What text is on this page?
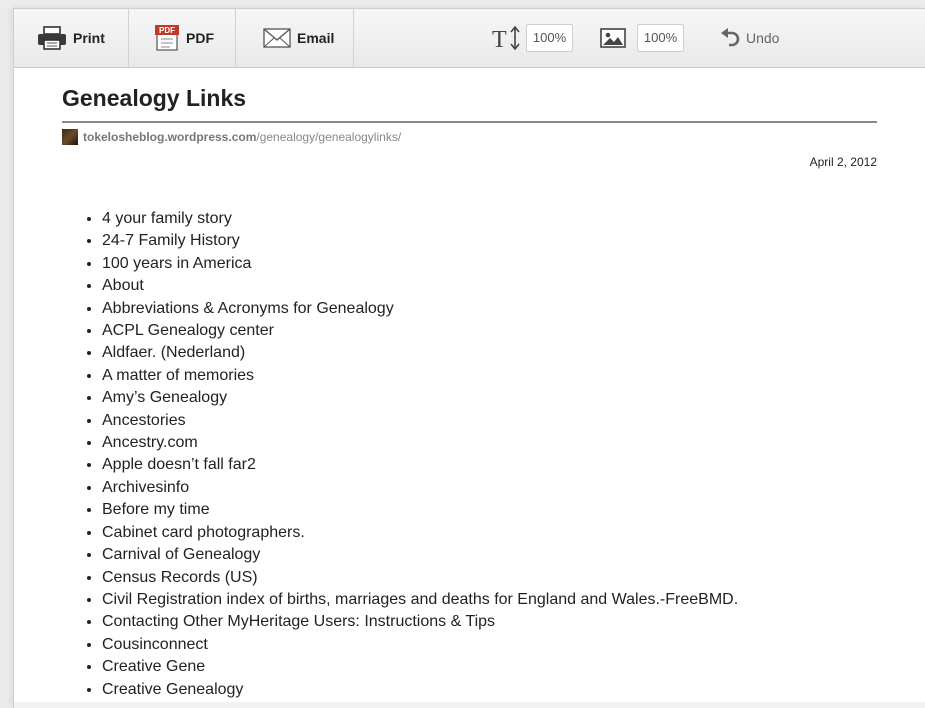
Print	PDF PDF	Email	T	100%	100%	Undo
Genealogy Links
tokelosheblog.wordpress.com/genealogy/genealogylinks/
April 2, 2012
• 4 your family story
• 24-7 Family History
• 100 years in America
• About
• Abbreviations & Acronyms for Genealogy
• ACPL Genealogy center
• Aldfaer. (Nederland)
• A matter of memories
• Amy’s Genealogy
• Ancestories
• Ancestry.com
• Apple doesn’t fall far2
• Archivesinfo
• Before my time
• Cabinet card photographers.
• Carnival of Genealogy
• Census Records (US)
• Civil Registration index of births, marriages and deaths for England and Wales.-FreeBMD.
• Contacting Other MyHeritage Users: Instructions & Tips
• Cousinconnect
• Creative Gene
• Creative Genealogy
